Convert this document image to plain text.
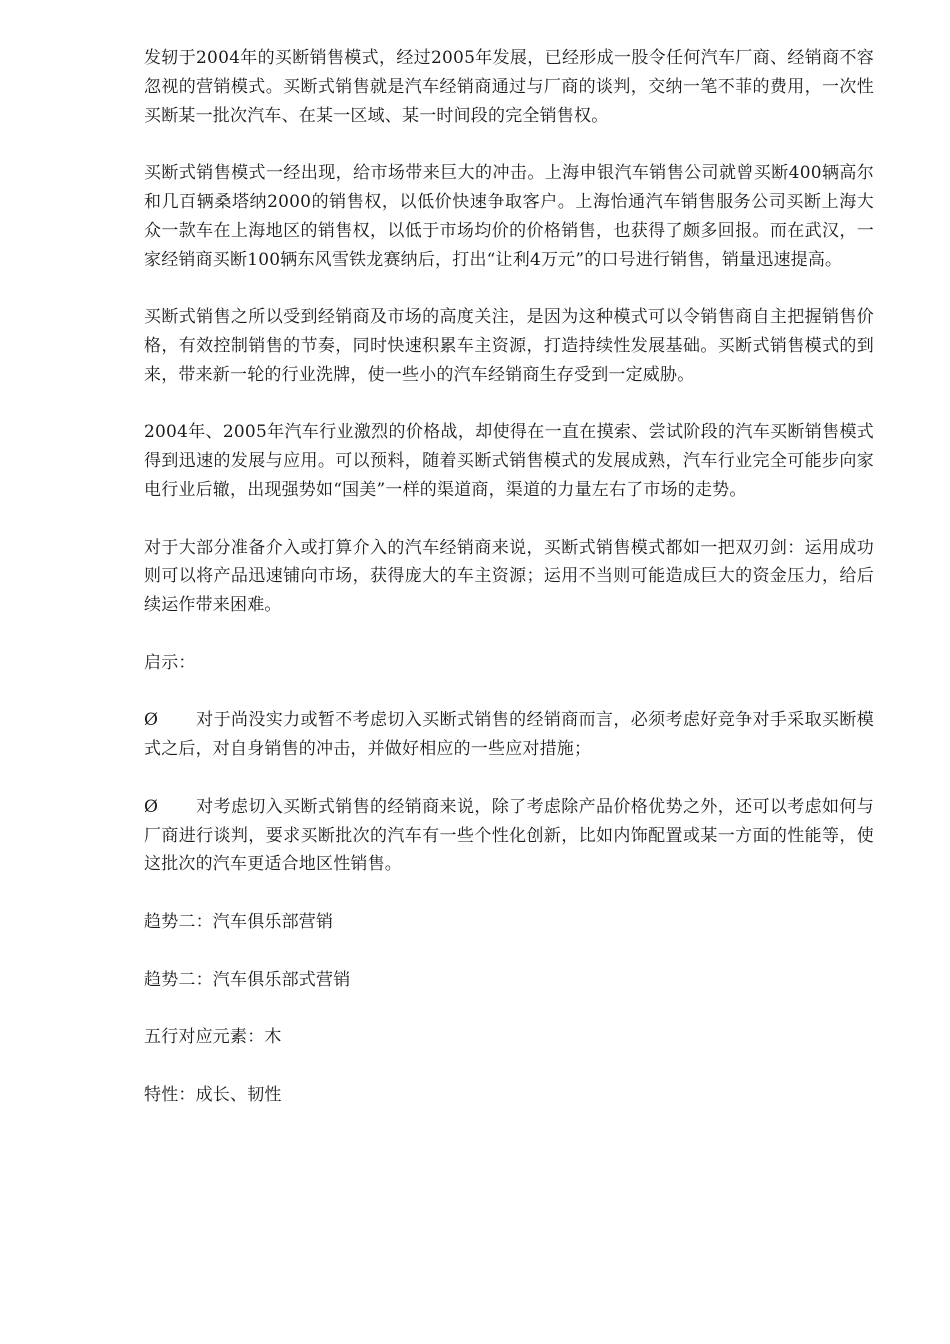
发轫于2004年的买断销售模式，经过2005年发展，已经形成一股令任何汽车厂商、经销商不容忽视的营销模式。买断式销售就是汽车经销商通过与厂商的谈判，交纳一笔不菲的费用，一次性买断某一批次汽车、在某一区域、某一时间段的完全销售权。

买断式销售模式一经出现，给市场带来巨大的冲击。上海申银汽车销售公司就曾买断400辆高尔和几百辆桑塔纳2000的销售权，以低价快速争取客户。上海怡通汽车销售服务公司买断上海大众一款车在上海地区的销售权，以低于市场均价的价格销售，也获得了颇多回报。而在武汉，一家经销商买断100辆东风雪铁龙赛纳后，打出“让利4万元”的口号进行销售，销量迅速提高。

买断式销售之所以受到经销商及市场的高度关注，是因为这种模式可以令销售商自主把握销售价格，有效控制销售的节奏，同时快速积累车主资源，打造持续性发展基础。买断式销售模式的到来，带来新一轮的行业洗牌，使一些小的汽车经销商生存受到一定威胁。

2004年、2005年汽车行业激烈的价格战，却使得在一直在摸索、尝试阶段的汽车买断销售模式得到迅速的发展与应用。可以预料，随着买断式销售模式的发展成熟，汽车行业完全可能步向家电行业后辙，出现强势如“国美”一样的渠道商，渠道的力量左右了市场的走势。

对于大部分准备介入或打算介入的汽车经销商来说，买断式销售模式都如一把双刃剑：运用成功则可以将产品迅速铺向市场，获得庞大的车主资源；运用不当则可能造成巨大的资金压力，给后续运作带来困难。

启示：

Ø 对于尚没实力或暂不考虑切入买断式销售的经销商而言，必须考虑好竞争对手采取买断模式之后，对自身销售的冲击，并做好相应的一些应对措施；

Ø 对考虑切入买断式销售的经销商来说，除了考虑除产品价格优势之外，还可以考虑如何与厂商进行谈判，要求买断批次的汽车有一些个性化创新，比如内饰配置或某一方面的性能等，使这批次的汽车更适合地区性销售。

趋势二：汽车俱乐部营销

趋势二：汽车俱乐部式营销

五行对应元素：木

特性：成长、韧性
